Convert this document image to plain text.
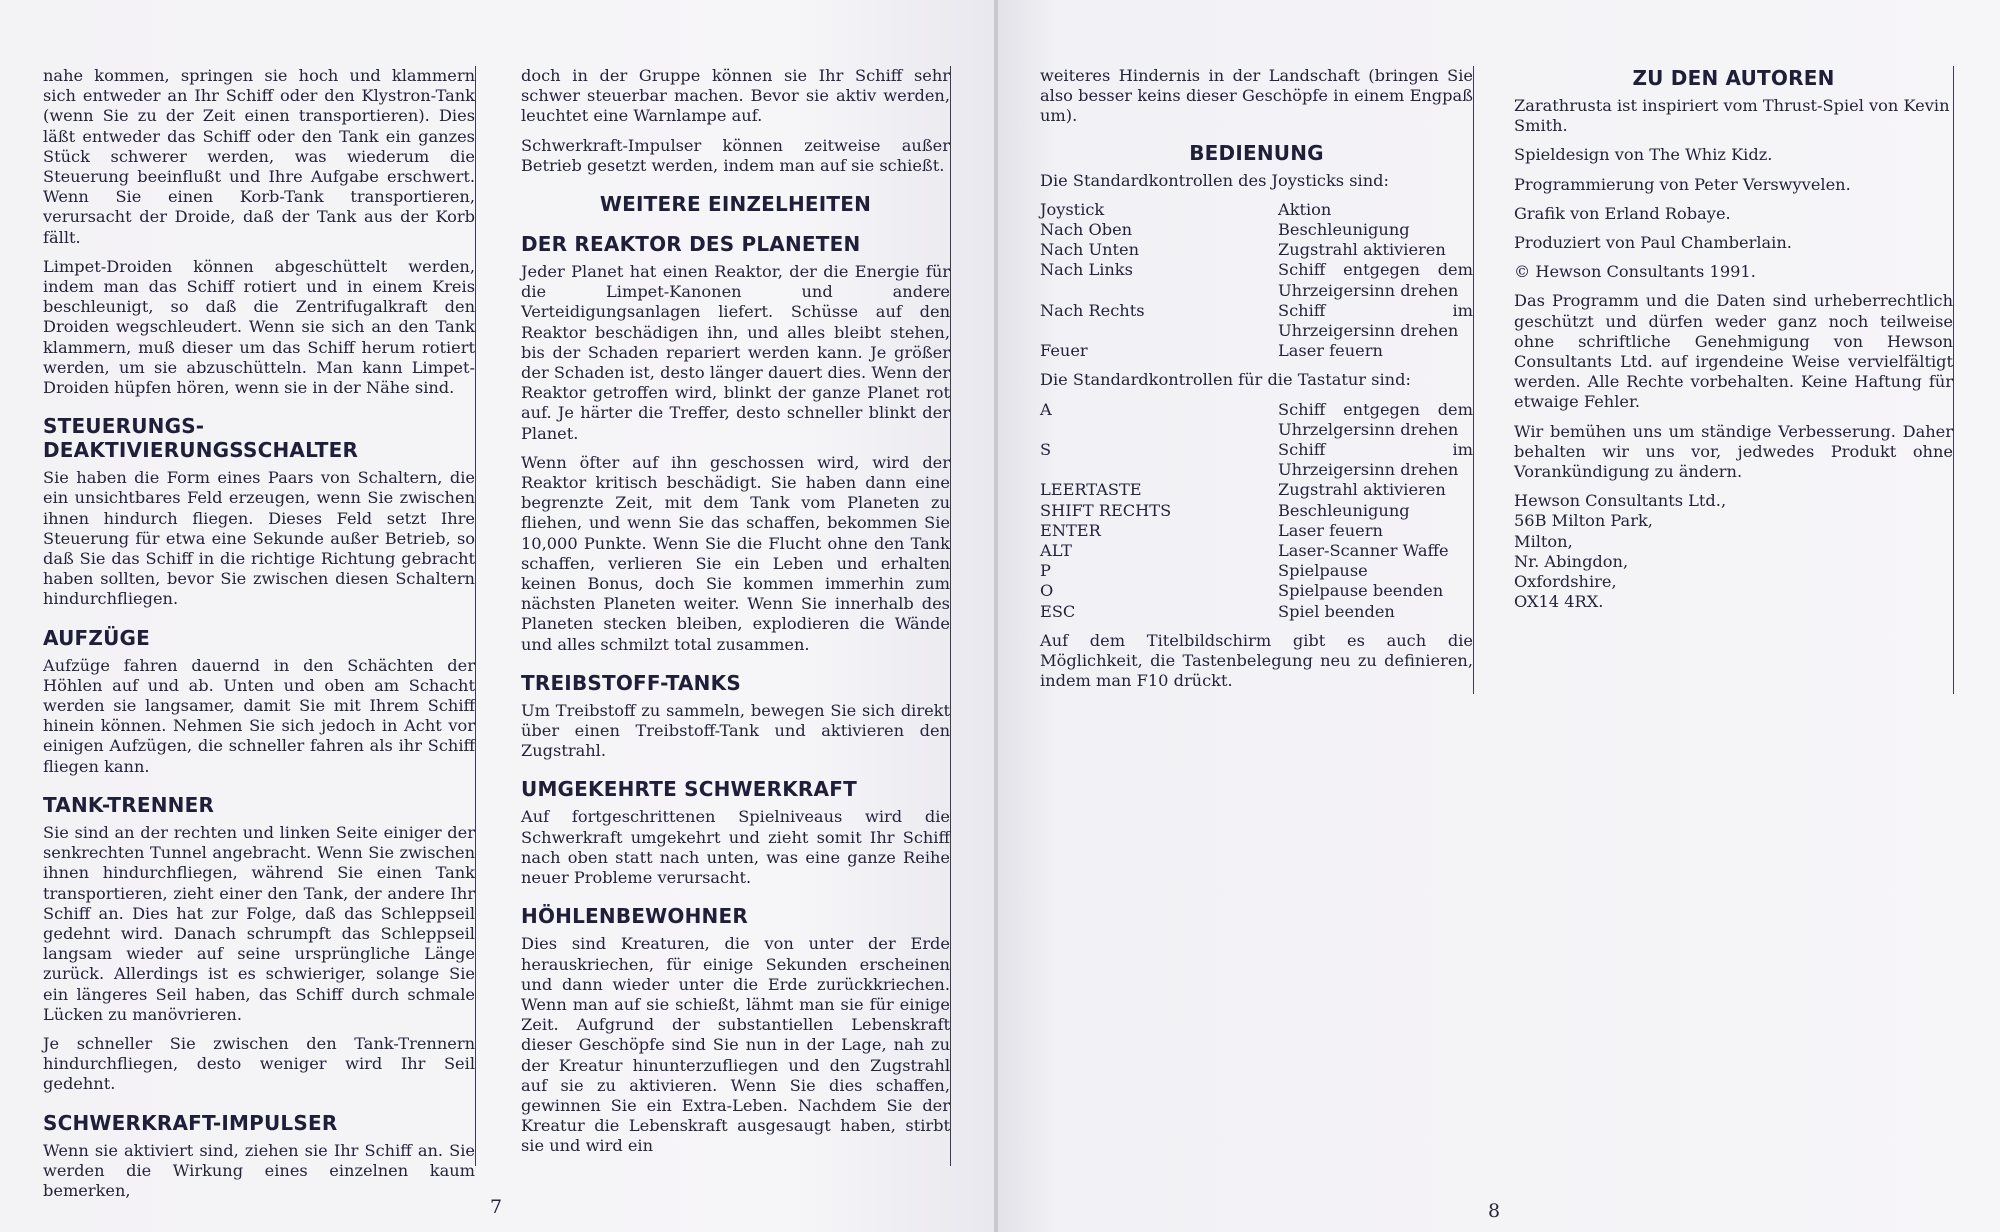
nahe kommen, springen sie hoch und klammern sich entweder an Ihr Schiff oder den Klystron-Tank (wenn Sie zu der Zeit einen transportieren). Dies läßt entweder das Schiff oder den Tank ein ganzes Stück schwerer werden, was wiederum die Steuerung beeinflußt und Ihre Aufgabe erschwert. Wenn Sie einen Korb-Tank transportieren, verursacht der Droide, daß der Tank aus der Korb fällt.

Limpet-Droiden können abgeschüttelt werden, indem man das Schiff rotiert und in einem Kreis beschleunigt, so daß die Zentrifugalkraft den Droiden wegschleudert. Wenn sie sich an den Tank klammern, muß dieser um das Schiff herum rotiert werden, um sie abzuschütteln. Man kann Limpet-Droiden hüpfen hören, wenn sie in der Nähe sind.

STEUERUNGS- DEAKTIVIERUNGSSCHALTER

Sie haben die Form eines Paars von Schaltern, die ein unsichtbares Feld erzeugen, wenn Sie zwischen ihnen hindurch fliegen. Dieses Feld setzt Ihre Steuerung für etwa eine Sekunde außer Betrieb, so daß Sie das Schiff in die richtige Richtung gebracht haben sollten, bevor Sie zwischen diesen Schaltern hindurchfliegen.

AUFZÜGE

Aufzüge fahren dauernd in den Schächten der Höhlen auf und ab. Unten und oben am Schacht werden sie langsamer, damit Sie mit Ihrem Schiff hinein können. Nehmen Sie sich jedoch in Acht vor einigen Aufzügen, die schneller fahren als ihr Schiff fliegen kann.

TANK-TRENNER

Sie sind an der rechten und linken Seite einiger der senkrechten Tunnel angebracht. Wenn Sie zwischen ihnen hindurchfliegen, während Sie einen Tank transportieren, zieht einer den Tank, der andere Ihr Schiff an. Dies hat zur Folge, daß das Schleppseil gedehnt wird. Danach schrumpft das Schleppseil langsam wieder auf seine ursprüngliche Länge zurück. Allerdings ist es schwieriger, solange Sie ein längeres Seil haben, das Schiff durch schmale Lücken zu manövrieren.

Je schneller Sie zwischen den Tank-Trennern hindurchfliegen, desto weniger wird Ihr Seil gedehnt.

SCHWERKRAFT-IMPULSER

Wenn sie aktiviert sind, ziehen sie Ihr Schiff an. Sie werden die Wirkung eines einzelnen kaum bemerken,

doch in der Gruppe können sie Ihr Schiff sehr schwer steuerbar machen. Bevor sie aktiv werden, leuchtet eine Warnlampe auf.

Schwerkraft-Impulser können zeitweise außer Betrieb gesetzt werden, indem man auf sie schießt.

WEITERE EINZELHEITEN
DER REAKTOR DES PLANETEN

Jeder Planet hat einen Reaktor, der die Energie für die Limpet-Kanonen und andere Verteidigungsanlagen liefert. Schüsse auf den Reaktor beschädigen ihn, und alles bleibt stehen, bis der Schaden repariert werden kann. Je größer der Schaden ist, desto länger dauert dies. Wenn der Reaktor getroffen wird, blinkt der ganze Planet rot auf. Je härter die Treffer, desto schneller blinkt der Planet.

Wenn öfter auf ihn geschossen wird, wird der Reaktor kritisch beschädigt. Sie haben dann eine begrenzte Zeit, mit dem Tank vom Planeten zu fliehen, und wenn Sie das schaffen, bekommen Sie 10,000 Punkte. Wenn Sie die Flucht ohne den Tank schaffen, verlieren Sie ein Leben und erhalten keinen Bonus, doch Sie kommen immerhin zum nächsten Planeten weiter. Wenn Sie innerhalb des Planeten stecken bleiben, explodieren die Wände und alles schmilzt total zusammen.

TREIBSTOFF-TANKS

Um Treibstoff zu sammeln, bewegen Sie sich direkt über einen Treibstoff-Tank und aktivieren den Zugstrahl.

UMGEKEHRTE SCHWERKRAFT

Auf fortgeschrittenen Spielniveaus wird die Schwerkraft umgekehrt und zieht somit Ihr Schiff nach oben statt nach unten, was eine ganze Reihe neuer Probleme verursacht.

HÖHLENBEWOHNER

Dies sind Kreaturen, die von unter der Erde herauskriechen, für einige Sekunden erscheinen und dann wieder unter die Erde zurückkriechen. Wenn man auf sie schießt, lähmt man sie für einige Zeit. Aufgrund der substantiellen Lebenskraft dieser Geschöpfe sind Sie nun in der Lage, nah zu der Kreatur hinunterzufliegen und den Zugstrahl auf sie zu aktivieren. Wenn Sie dies schaffen, gewinnen Sie ein Extra-Leben. Nachdem Sie der Kreatur die Lebenskraft ausgesaugt haben, stirbt sie und wird ein

7

weiteres Hindernis in der Landschaft (bringen Sie also besser keins dieser Geschöpfe in einem Engpaß um).

BEDIENUNG

Die Standardkontrollen des Joysticks sind:

Joystick	Aktion
Nach Oben	Beschleunigung
Nach Unten	Zugstrahl aktivieren
Nach Links	Schiff entgegen dem Uhrzeigersinn drehen
Nach Rechts	Schiff im Uhrzeigersinn drehen
Feuer	Laser feuern

Die Standardkontrollen für die Tastatur sind:

A	Schiff entgegen dem Uhrzelgersinn drehen
S	Schiff im Uhrzeigersinn drehen
LEERTASTE	Zugstrahl aktivieren
SHIFT RECHTS	Beschleunigung
ENTER	Laser feuern
ALT	Laser-Scanner Waffe
P	Spielpause
O	Spielpause beenden
ESC	Spiel beenden

Auf dem Titelbildschirm gibt es auch die Möglichkeit, die Tastenbelegung neu zu definieren, indem man F10 drückt.

ZU DEN AUTOREN

Zarathrusta ist inspiriert vom Thrust-Spiel von Kevin Smith.

Spieldesign von The Whiz Kidz.

Programmierung von Peter Verswyvelen.

Grafik von Erland Robaye.

Produziert von Paul Chamberlain.

© Hewson Consultants 1991.

Das Programm und die Daten sind urheberrechtlich geschützt und dürfen weder ganz noch teilweise ohne schriftliche Genehmigung von Hewson Consultants Ltd. auf irgendeine Weise vervielfältigt werden. Alle Rechte vorbehalten. Keine Haftung für etwaige Fehler.

Wir bemühen uns um ständige Verbesserung. Daher behalten wir uns vor, jedwedes Produkt ohne Vorankündigung zu ändern.

Hewson Consultants Ltd.,
56B Milton Park,
Milton,
Nr. Abingdon,
Oxfordshire,
OX14 4RX.
8
